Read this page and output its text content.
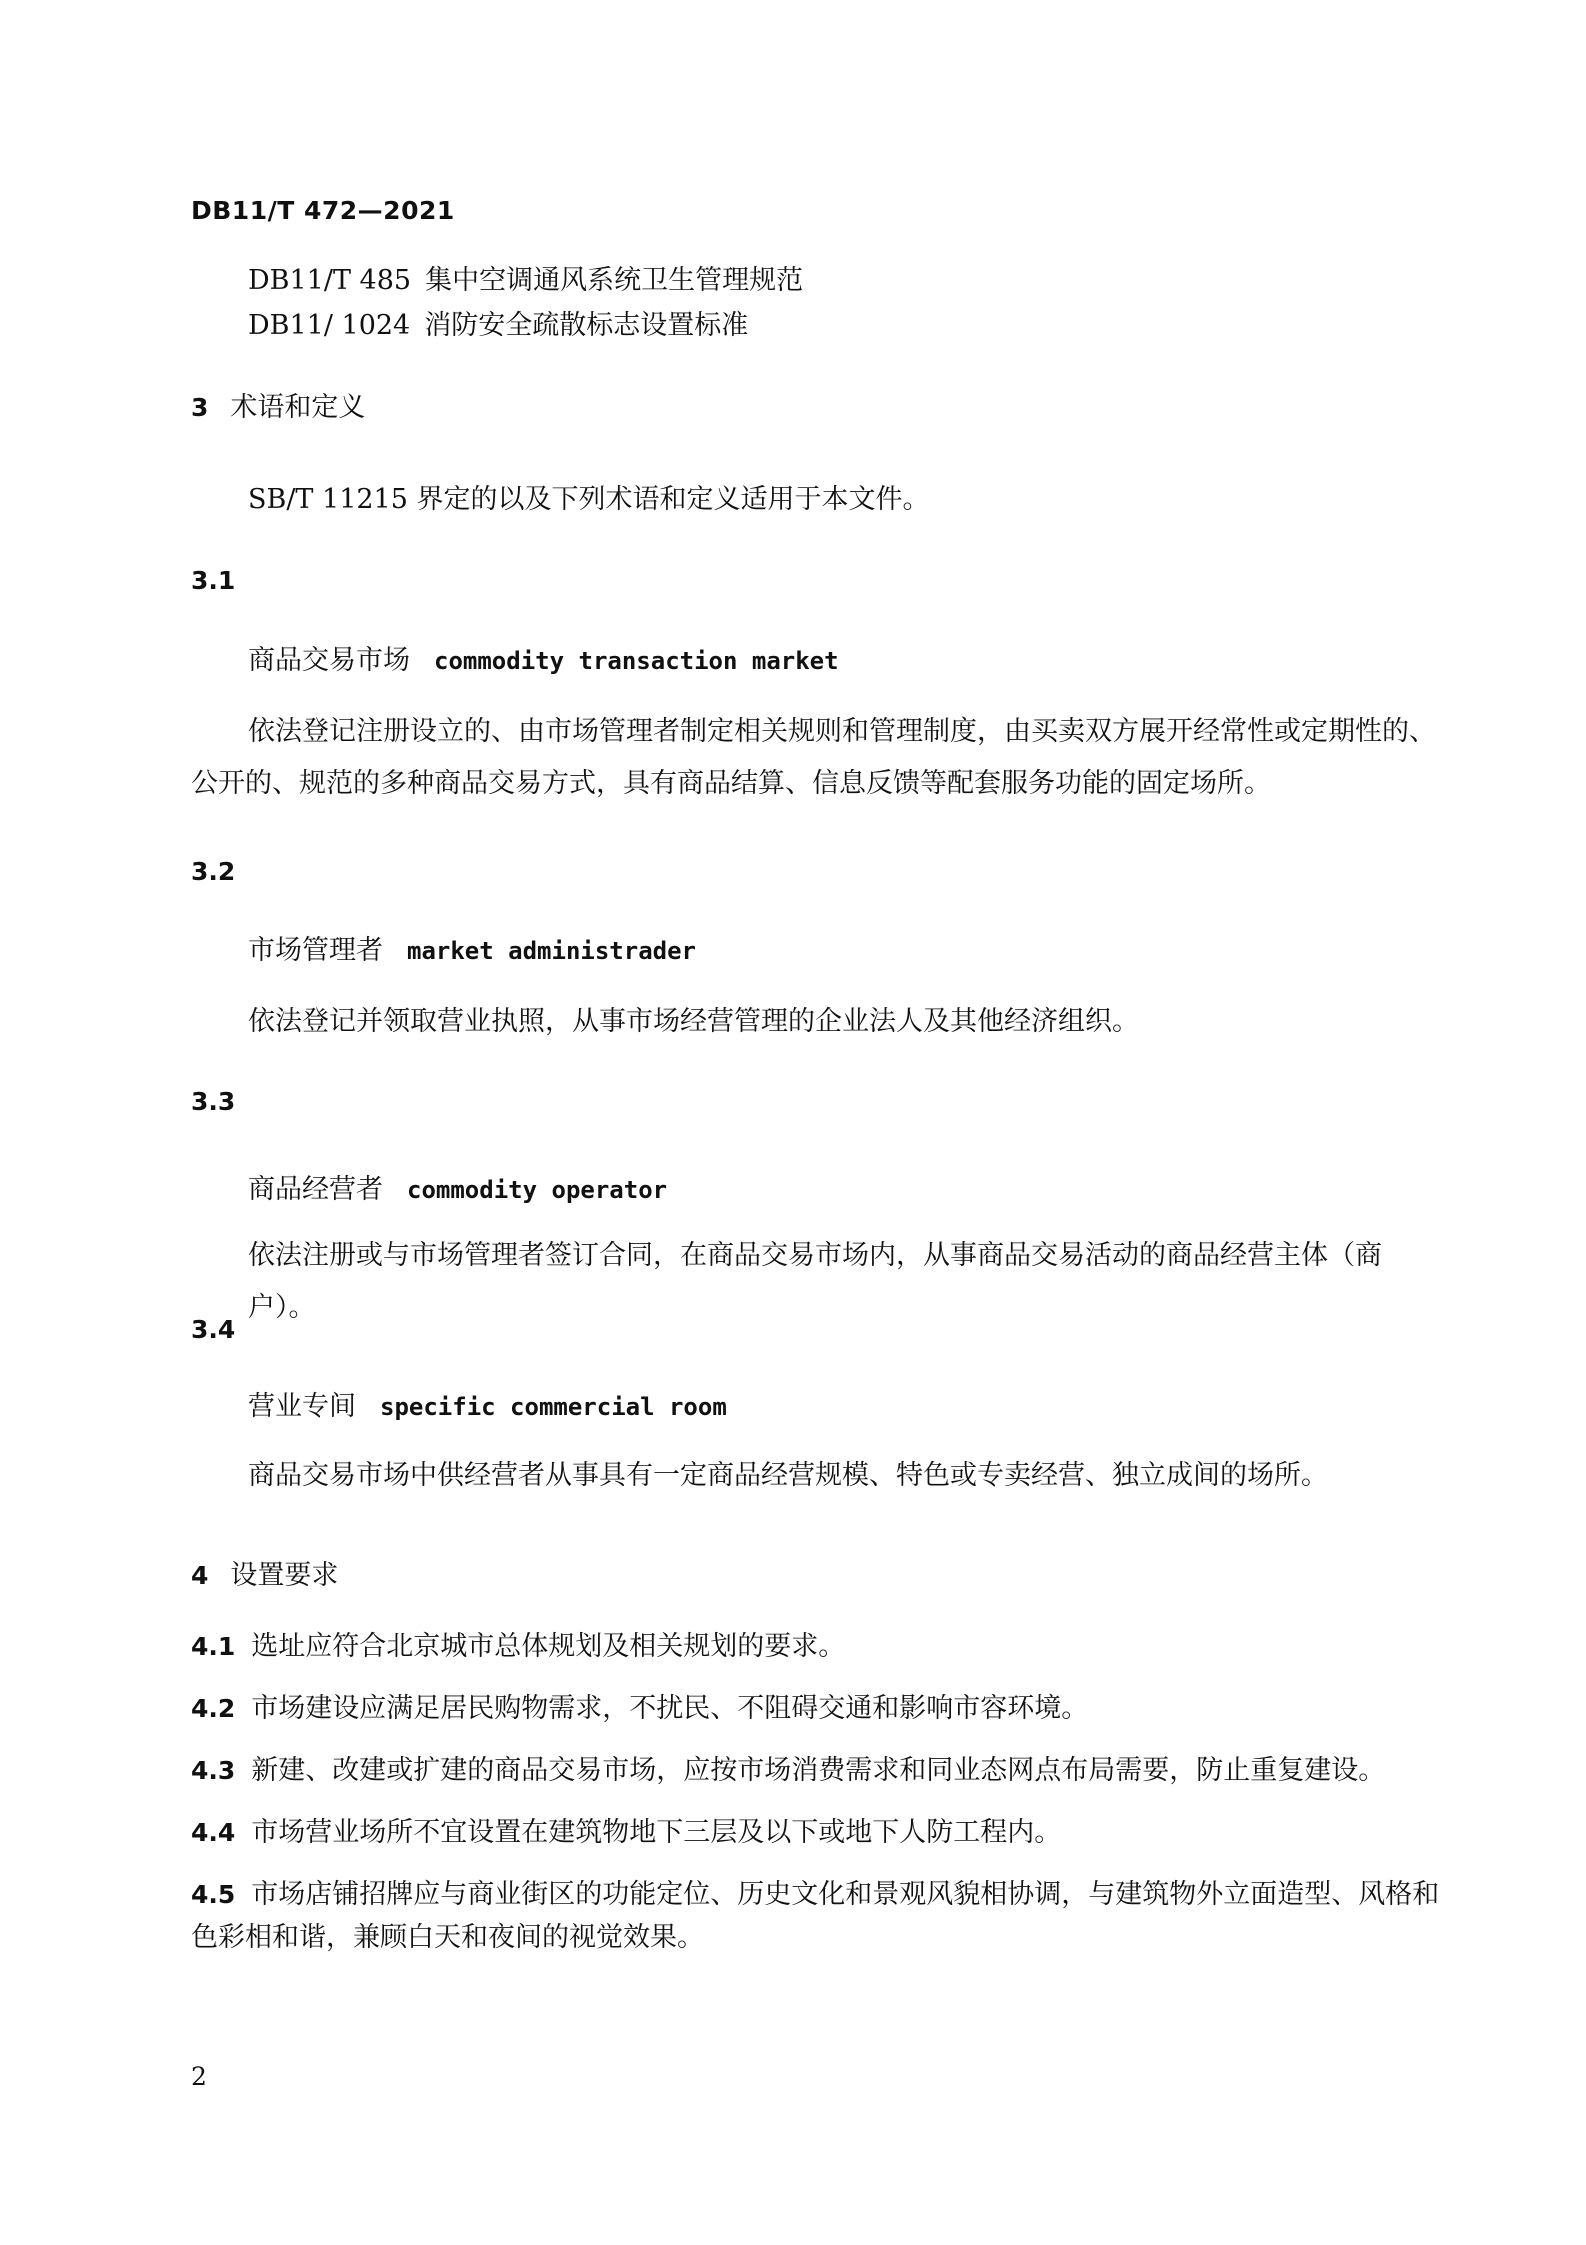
DB11/T 472—2021
DB11/T 485 集中空调通风系统卫生管理规范
DB11/ 1024 消防安全疏散标志设置标准
3 术语和定义
SB/T 11215 界定的以及下列术语和定义适用于本文件。
3.1
商品交易市场 commodity transaction market
依法登记注册设立的、由市场管理者制定相关规则和管理制度，由买卖双方展开经常性或定期性的、
公开的、规范的多种商品交易方式，具有商品结算、信息反馈等配套服务功能的固定场所。
3.2
市场管理者 market administrader
依法登记并领取营业执照，从事市场经营管理的企业法人及其他经济组织。
3.3
商品经营者 commodity operator
依法注册或与市场管理者签订合同，在商品交易市场内，从事商品交易活动的商品经营主体（商户）。
3.4
营业专间 specific commercial room
商品交易市场中供经营者从事具有一定商品经营规模、特色或专卖经营、独立成间的场所。
4 设置要求
4.1 选址应符合北京城市总体规划及相关规划的要求。
4.2 市场建设应满足居民购物需求，不扰民、不阻碍交通和影响市容环境。
4.3 新建、改建或扩建的商品交易市场，应按市场消费需求和同业态网点布局需要，防止重复建设。
4.4 市场营业场所不宜设置在建筑物地下三层及以下或地下人防工程内。
4.5 市场店铺招牌应与商业街区的功能定位、历史文化和景观风貌相协调，与建筑物外立面造型、风格和色彩相和谐，兼顾白天和夜间的视觉效果。
2
